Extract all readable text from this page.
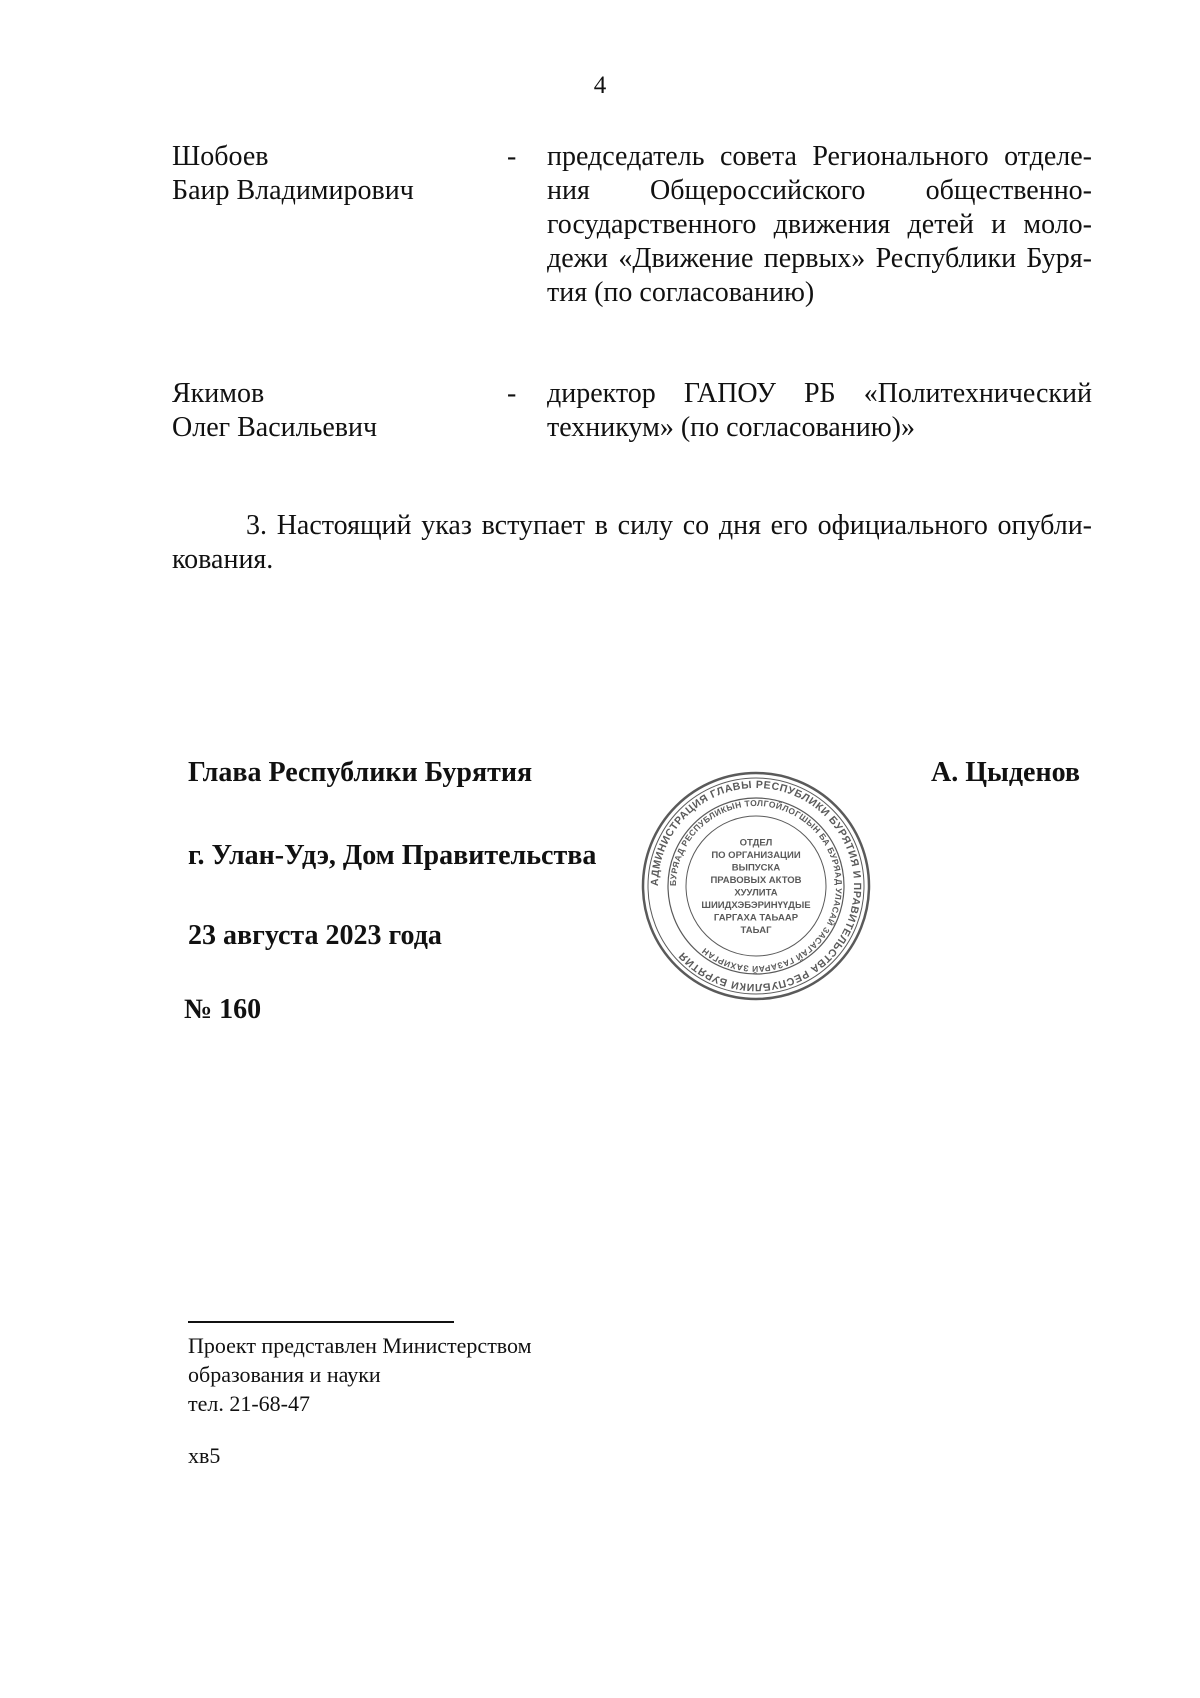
4
Шобоев
Баир Владимирович
- председатель совета Регионального отделе-
ния Общероссийского общественно-
государственного движения детей и моло-
дежи «Движение первых» Республики Буря-
тия (по согласованию)
Якимов
Олег Васильевич
- директор ГАПОУ РБ «Политехнический
техникум» (по согласованию)»
3. Настоящий указ вступает в силу со дня его официального опубли-
кования.
Глава Республики Бурятия	А. Цыденов
г. Улан-Удэ, Дом Правительства
23 августа 2023 года
№ 160
АДМИНИСТРАЦИЯ ГЛАВЫ РЕСПУБЛИКИ БУРЯТИЯ И ПРАВИТЕЛЬСТВА РЕСПУБЛИКИ БУРЯТИЯ
БУРЯАД РЕСПУБЛИКЫН ТОЛГОЙЛОГШЫН БА БУРЯАД УЛАСАЙ ЗАСАГАЙ ГАЗАРАЙ ЗАХИРГАН
ОТДЕЛ
ПО ОРГАНИЗАЦИИ
ВЫПУСКА
ПРАВОВЫХ АКТОВ
ХУУЛИТА
ШИИДХЭБЭРИНҮҮДЫЕ
ГАРГАХА ТАЬААР
ТАЬАГ
Проект представлен Министерством
образования и науки
тел. 21-68-47
хв5
